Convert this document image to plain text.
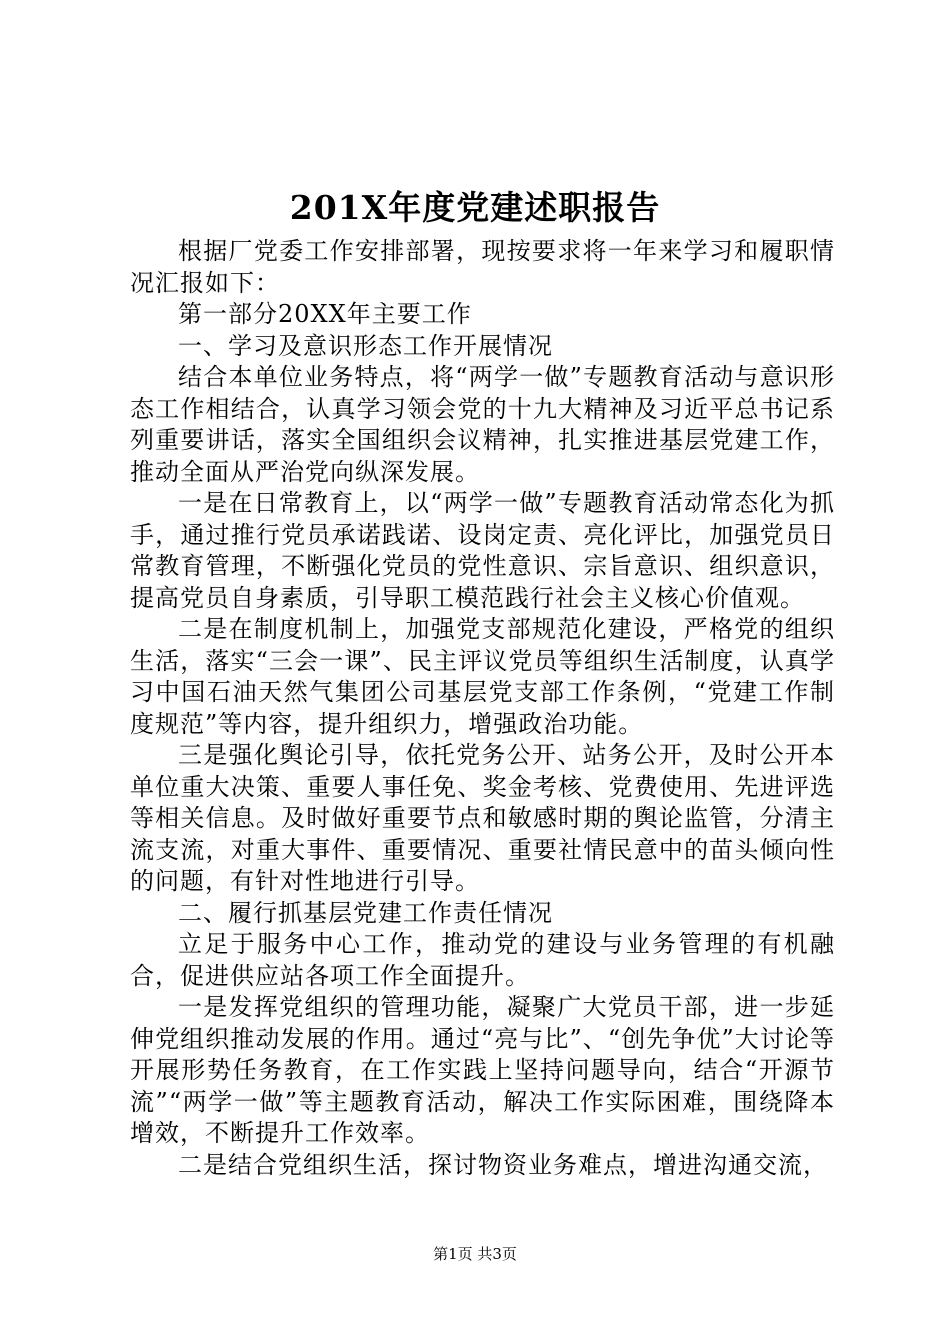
201X年度党建述职报告

根据厂党委工作安排部署，现按要求将一年来学习和履职情况汇报如下：

第一部分20XX年主要工作

一、学习及意识形态工作开展情况

结合本单位业务特点，将“两学一做”专题教育活动与意识形态工作相结合，认真学习领会党的十九大精神及习近平总书记系列重要讲话，落实全国组织会议精神，扎实推进基层党建工作，推动全面从严治党向纵深发展。

一是在日常教育上，以“两学一做”专题教育活动常态化为抓手，通过推行党员承诺践诺、设岗定责、亮化评比，加强党员日常教育管理，不断强化党员的党性意识、宗旨意识、组织意识，提高党员自身素质，引导职工模范践行社会主义核心价值观。

二是在制度机制上，加强党支部规范化建设，严格党的组织生活，落实“三会一课”、民主评议党员等组织生活制度，认真学习中国石油天然气集团公司基层党支部工作条例，“党建工作制度规范”等内容，提升组织力，增强政治功能。

三是强化舆论引导，依托党务公开、站务公开，及时公开本单位重大决策、重要人事任免、奖金考核、党费使用、先进评选等相关信息。及时做好重要节点和敏感时期的舆论监管，分清主流支流，对重大事件、重要情况、重要社情民意中的苗头倾向性的问题，有针对性地进行引导。

二、履行抓基层党建工作责任情况

立足于服务中心工作，推动党的建设与业务管理的有机融合，促进供应站各项工作全面提升。

一是发挥党组织的管理功能，凝聚广大党员干部，进一步延伸党组织推动发展的作用。通过“亮与比”、“创先争优”大讨论等开展形势任务教育，在工作实践上坚持问题导向，结合“开源节流”“两学一做”等主题教育活动，解决工作实际困难，围绕降本增效，不断提升工作效率。

二是结合党组织生活，探讨物资业务难点，增进沟通交流，

第1页 共3页
